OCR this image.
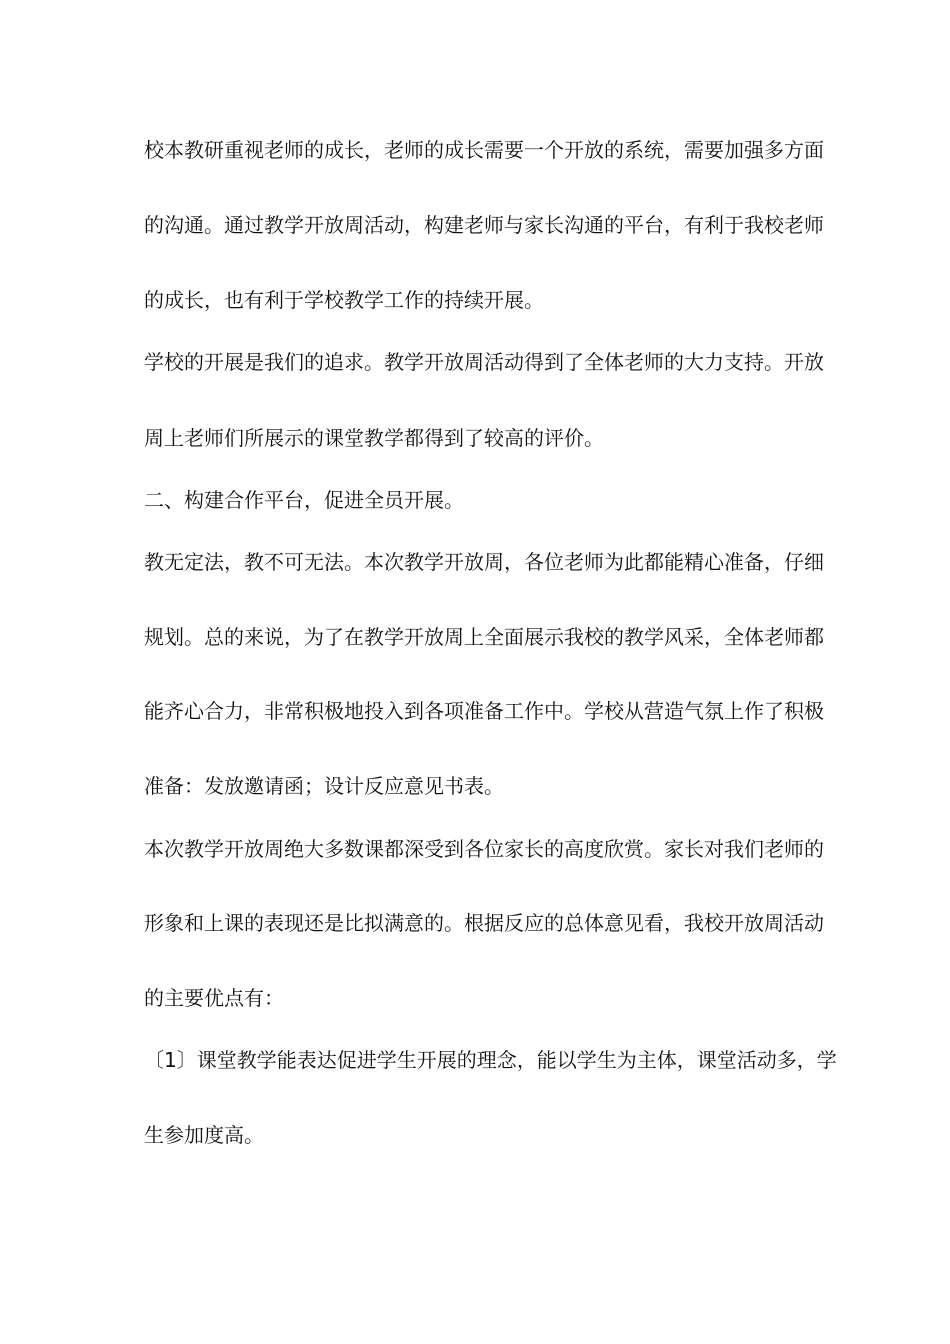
校本教研重视老师的成长，老师的成长需要一个开放的系统，需要加强多方面
的沟通。通过教学开放周活动，构建老师与家长沟通的平台，有利于我校老师
的成长，也有利于学校教学工作的持续开展。
学校的开展是我们的追求。教学开放周活动得到了全体老师的大力支持。开放
周上老师们所展示的课堂教学都得到了较高的评价。
二、构建合作平台，促进全员开展。
教无定法，教不可无法。本次教学开放周，各位老师为此都能精心准备，仔细
规划。总的来说，为了在教学开放周上全面展示我校的教学风采，全体老师都
能齐心合力，非常积极地投入到各项准备工作中。学校从营造气氛上作了积极
准备：发放邀请函；设计反应意见书表。
本次教学开放周绝大多数课都深受到各位家长的高度欣赏。家长对我们老师的
形象和上课的表现还是比拟满意的。根据反应的总体意见看，我校开放周活动
的主要优点有：
〔1〕课堂教学能表达促进学生开展的理念，能以学生为主体，课堂活动多，学
生参加度高。
